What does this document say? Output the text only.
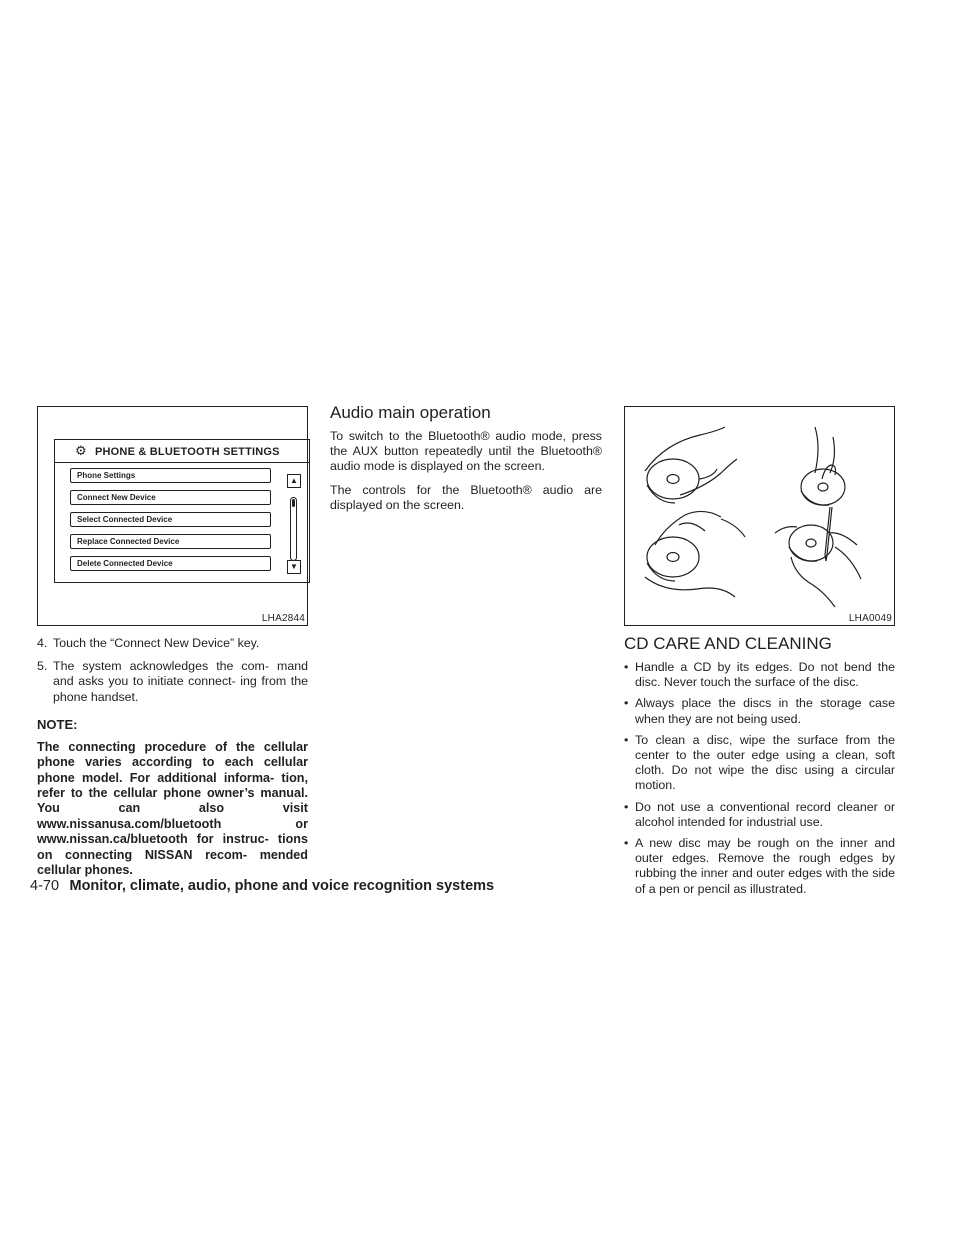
⚙ PHONE & BLUETOOTH SETTINGS
Phone Settings
Connect New Device
Select Connected Device
Replace Connected Device
Delete Connected Device
▲
▼
LHA2844
4. Touch the “Connect New Device” key.
5. The system acknowledges the com- mand and asks you to initiate connect- ing from the phone handset.
NOTE:
The connecting procedure of the cellular phone varies according to each cellular phone model. For additional informa- tion, refer to the cellular phone owner’s manual. You can also visit www.nissanusa.com/bluetooth or www.nissan.ca/bluetooth for instruc- tions on connecting NISSAN recom- mended cellular phones.
Audio main operation

To switch to the Bluetooth® audio mode, press the AUX button repeatedly until the Bluetooth® audio mode is displayed on the screen.

The controls for the Bluetooth® audio are displayed on the screen.

LHA0049
CD CARE AND CLEANING
• Handle a CD by its edges. Do not bend the disc. Never touch the surface of the disc.
• Always place the discs in the storage case when they are not being used.
• To clean a disc, wipe the surface from the center to the outer edge using a clean, soft cloth. Do not wipe the disc using a circular motion.
• Do not use a conventional record cleaner or alcohol intended for industrial use.
• A new disc may be rough on the inner and outer edges. Remove the rough edges by rubbing the inner and outer edges with the side of a pen or pencil as illustrated.
4-70 Monitor, climate, audio, phone and voice recognition systems
